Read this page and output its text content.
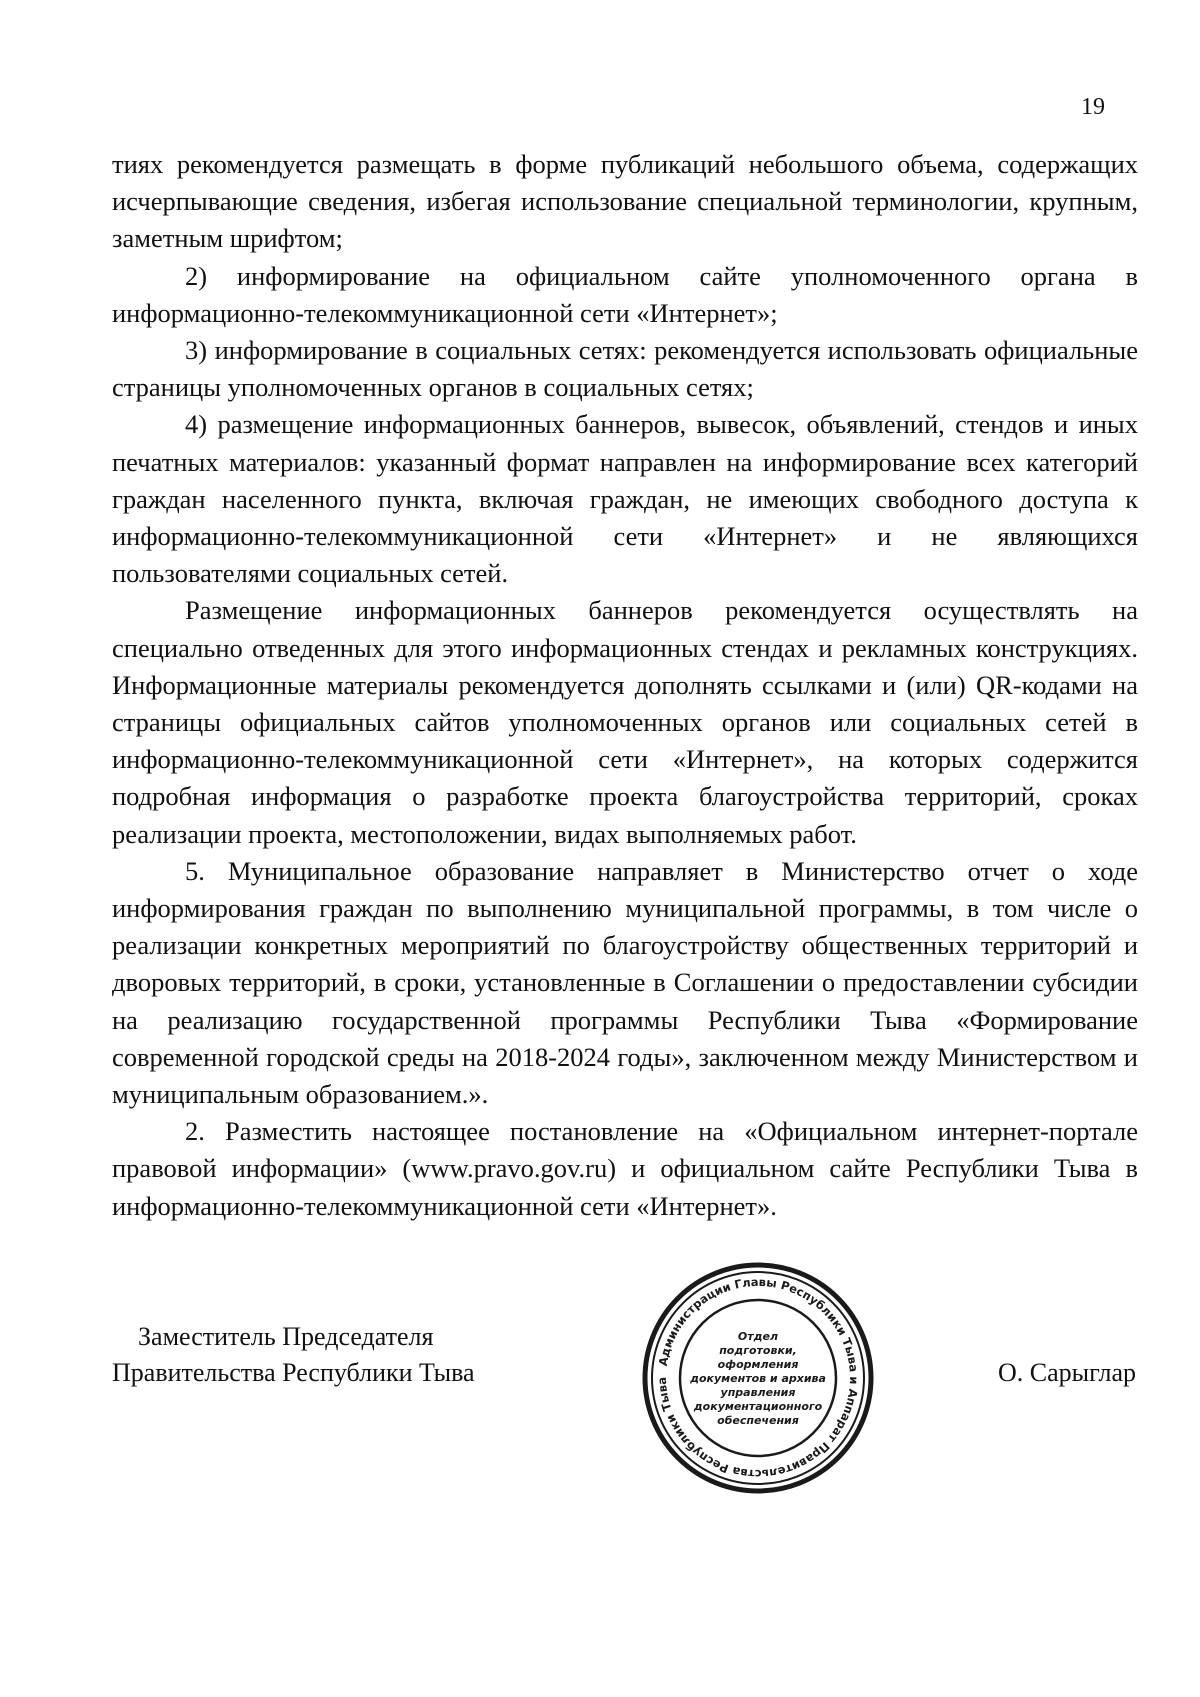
19

тиях рекомендуется размещать в форме публикаций небольшого объема, содержащих исчерпывающие сведения, избегая использование специальной терминологии, крупным, заметным шрифтом;

2) информирование на официальном сайте уполномоченного органа в информационно-телекоммуникационной сети «Интернет»;

3) информирование в социальных сетях: рекомендуется использовать официальные страницы уполномоченных органов в социальных сетях;

4) размещение информационных баннеров, вывесок, объявлений, стендов и иных печатных материалов: указанный формат направлен на информирование всех категорий граждан населенного пункта, включая граждан, не имеющих свободного доступа к информационно-телекоммуникационной сети «Интернет» и не являющихся пользователями социальных сетей.

Размещение информационных баннеров рекомендуется осуществлять на специально отведенных для этого информационных стендах и рекламных конструкциях. Информационные материалы рекомендуется дополнять ссылками и (или) QR-кодами на страницы официальных сайтов уполномоченных органов или социальных сетей в информационно-телекоммуникационной сети «Интернет», на которых содержится подробная информация о разработке проекта благоустройства территорий, сроках реализации проекта, местоположении, видах выполняемых работ.

5. Муниципальное образование направляет в Министерство отчет о ходе информирования граждан по выполнению муниципальной программы, в том числе о реализации конкретных мероприятий по благоустройству общественных территорий и дворовых территорий, в сроки, установленные в Соглашении о предоставлении субсидии на реализацию государственной программы Республики Тыва «Формирование современной городской среды на 2018-2024 годы», заключенном между Министерством и муниципальным образованием.».

2. Разместить настоящее постановление на «Официальном интернет-портале правовой информации» (www.pravo.gov.ru) и официальном сайте Республики Тыва в информационно-телекоммуникационной сети «Интернет».

Заместитель Председателя
Правительства Республики Тыва	Администрации Главы Республики Тыва и Аппарат Правительства Республики Тыва
Отдел
подготовки,
оформления
документов и архива
управления
документационного
обеспечения
О. Сарыглар
